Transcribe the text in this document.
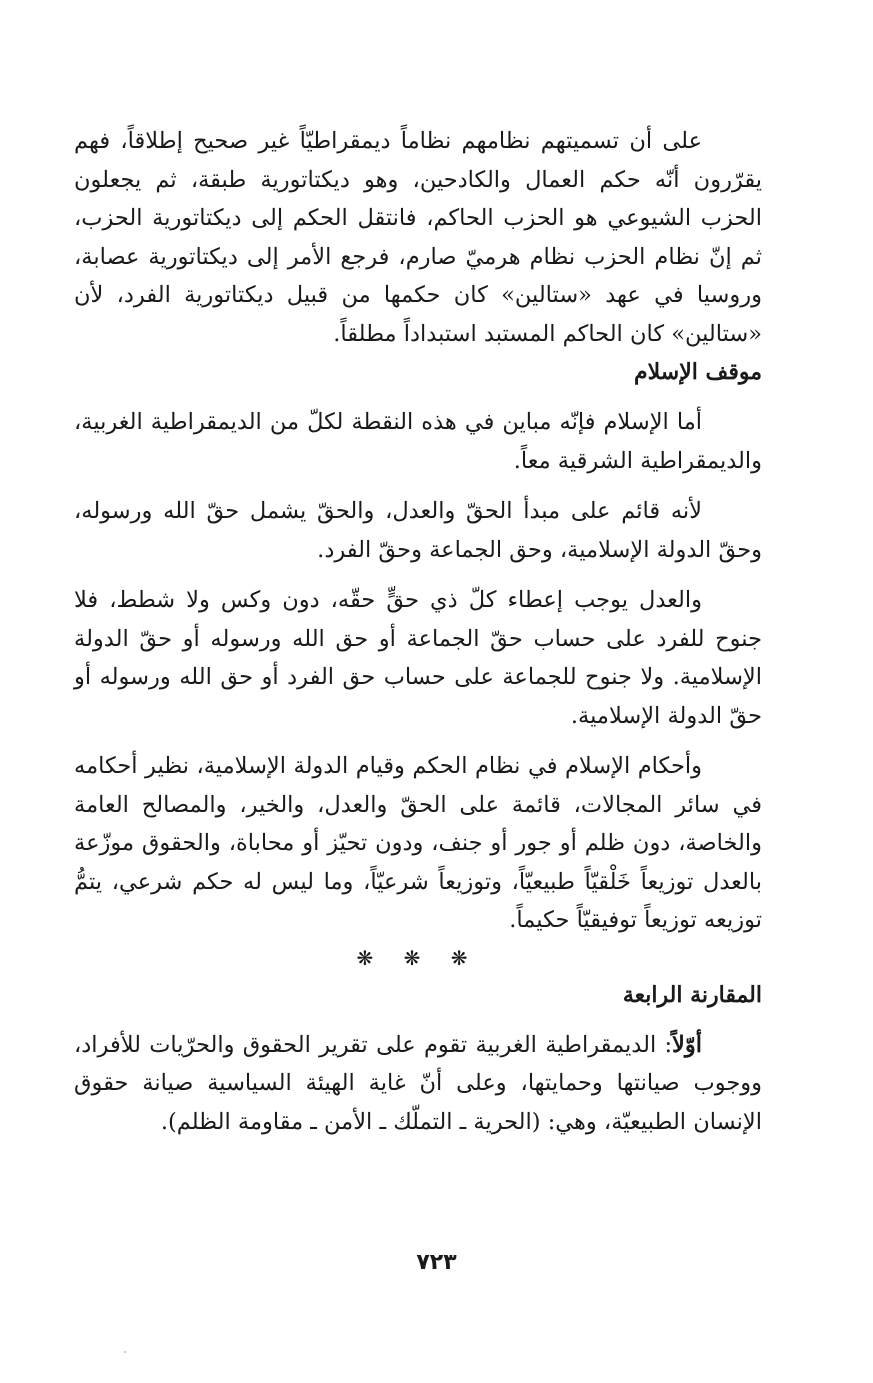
على أن تسميتهم نظامهم نظاماً ديمقراطيّاً غير صحيح إطلاقاً، فهم يقرّرون أنّه حكم العمال والكادحين، وهو ديكتاتورية طبقة، ثم يجعلون الحزب الشيوعي هو الحزب الحاكم، فانتقل الحكم إلى ديكتاتورية الحزب، ثم إنّ نظام الحزب نظام هرميّ صارم، فرجع الأمر إلى ديكتاتورية عصابة، وروسيا في عهد «ستالين» كان حكمها من قبيل ديكتاتورية الفرد، لأن «ستالين» كان الحاكم المستبد استبداداً مطلقاً.

موقف الإسلام

أما الإسلام فإنّه مباين في هذه النقطة لكلّ من الديمقراطية الغربية، والديمقراطية الشرقية معاً.

لأنه قائم على مبدأ الحقّ والعدل، والحقّ يشمل حقّ الله ورسوله، وحقّ الدولة الإسلامية، وحق الجماعة وحقّ الفرد.

والعدل يوجب إعطاء كلّ ذي حقٍّ حقّه، دون وكس ولا شطط، فلا جنوح للفرد على حساب حقّ الجماعة أو حق الله ورسوله أو حقّ الدولة الإسلامية. ولا جنوح للجماعة على حساب حق الفرد أو حق الله ورسوله أو حقّ الدولة الإسلامية.

وأحكام الإسلام في نظام الحكم وقيام الدولة الإسلامية، نظير أحكامه في سائر المجالات، قائمة على الحقّ والعدل، والخير، والمصالح العامة والخاصة، دون ظلم أو جور أو جنف، ودون تحيّز أو محاباة، والحقوق موزّعة بالعدل توزيعاً خَلْقيّاً طبيعيّاً، وتوزيعاً شرعيّاً، وما ليس له حكم شرعي، يتمُّ توزيعه توزيعاً توفيقيّاً حكيماً.

❋ ❋ ❋

المقارنة الرابعة

أوّلاً: الديمقراطية الغربية تقوم على تقرير الحقوق والحرّيات للأفراد، ووجوب صيانتها وحمايتها، وعلى أنّ غاية الهيئة السياسية صيانة حقوق الإنسان الطبيعيّة، وهي: (الحرية ـ التملّك ـ الأمن ـ مقاومة الظلم).

٧٢٣
